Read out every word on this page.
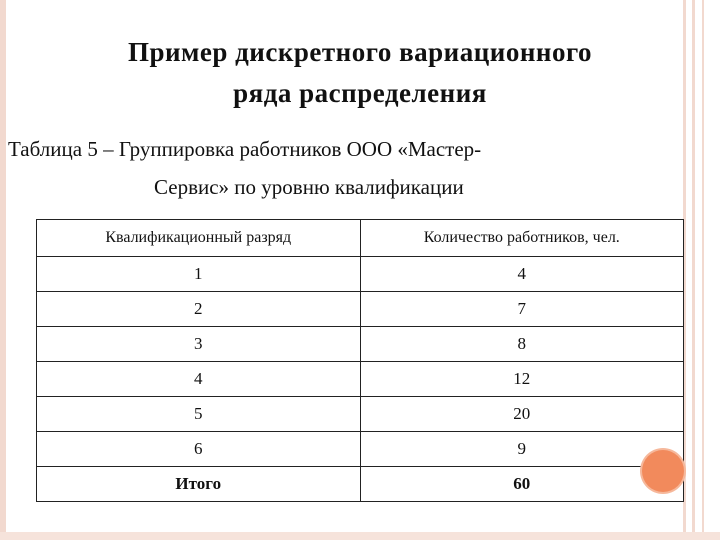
Пример дискретного вариационного
ряда распределения
Таблица 5 – Группировка работников ООО «Мастер-
Сервис» по уровню квалификации
Квалификационный разряд	Количество работников, чел.
1	4
2	7
3	8
4	12
5	20
6	9
Итого	60
